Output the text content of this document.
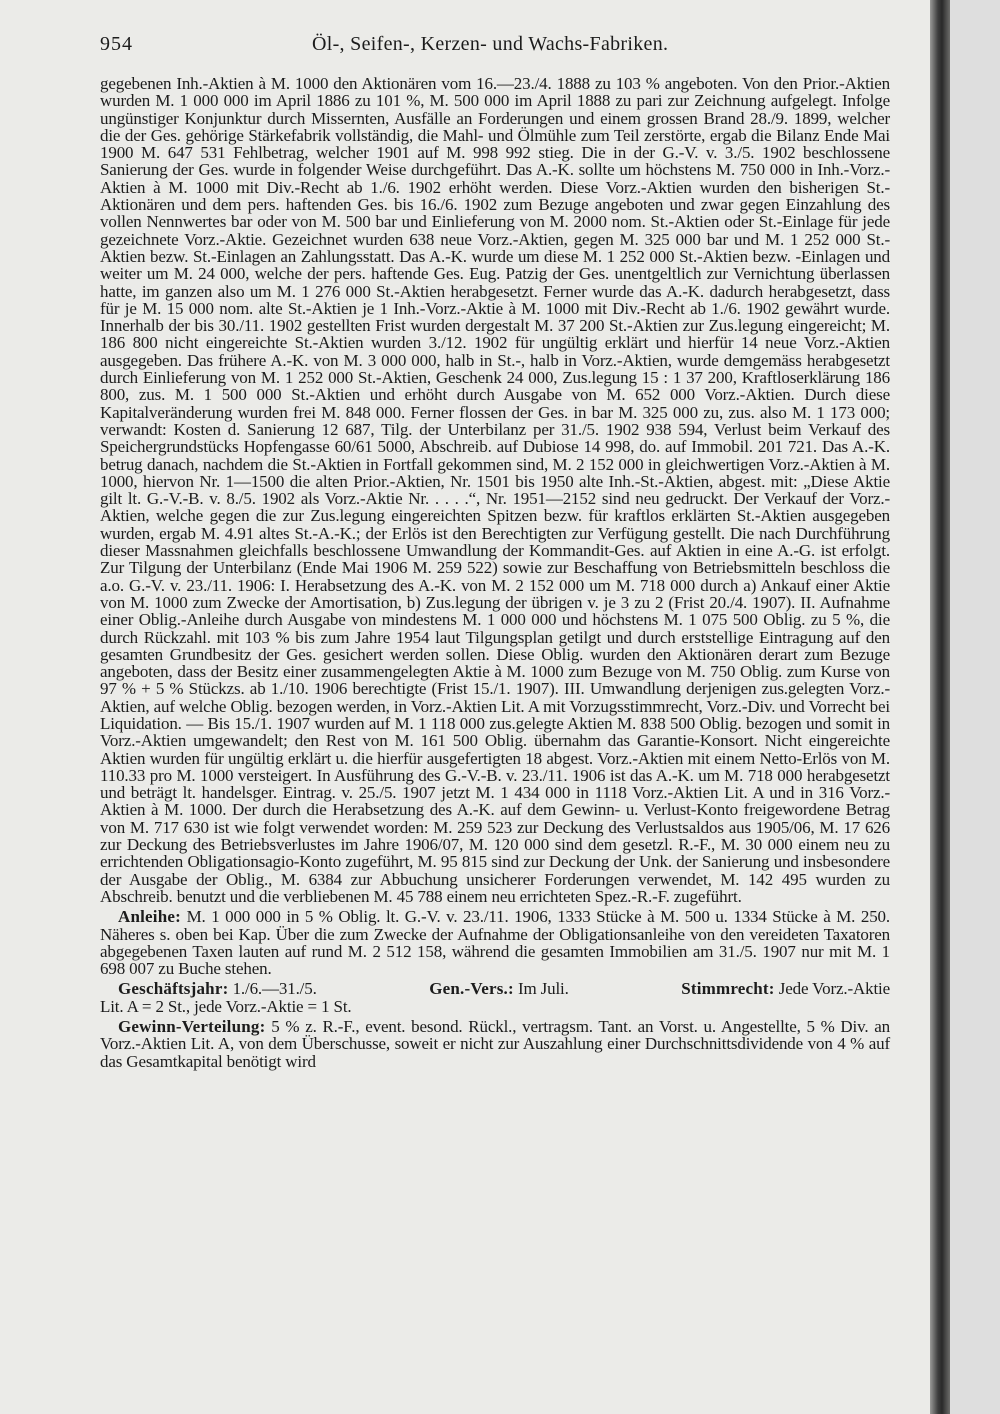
954	Öl-, Seifen-, Kerzen- und Wachs-Fabriken.

gegebenen Inh.-Aktien à M. 1000 den Aktionären vom 16.—23./4. 1888 zu 103 % angeboten. Von den Prior.-Aktien wurden M. 1 000 000 im April 1886 zu 101 %, M. 500 000 im April 1888 zu pari zur Zeichnung aufgelegt. Infolge ungünstiger Konjunktur durch Missernten, Ausfälle an Forderungen und einem grossen Brand 28./9. 1899, welcher die der Ges. gehörige Stärkefabrik vollständig, die Mahl- und Ölmühle zum Teil zerstörte, ergab die Bilanz Ende Mai 1900 M. 647 531 Fehlbetrag, welcher 1901 auf M. 998 992 stieg. Die in der G.-V. v. 3./5. 1902 beschlossene Sanierung der Ges. wurde in folgender Weise durchgeführt. Das A.-K. sollte um höchstens M. 750 000 in Inh.-Vorz.-Aktien à M. 1000 mit Div.-Recht ab 1./6. 1902 erhöht werden. Diese Vorz.-Aktien wurden den bisherigen St.-Aktionären und dem pers. haftenden Ges. bis 16./6. 1902 zum Bezuge angeboten und zwar gegen Einzahlung des vollen Nennwertes bar oder von M. 500 bar und Einlieferung von M. 2000 nom. St.-Aktien oder St.-Einlage für jede gezeichnete Vorz.-Aktie. Gezeichnet wurden 638 neue Vorz.-Aktien, gegen M. 325 000 bar und M. 1 252 000 St.-Aktien bezw. St.-Einlagen an Zahlungsstatt. Das A.-K. wurde um diese M. 1 252 000 St.-Aktien bezw. -Einlagen und weiter um M. 24 000, welche der pers. haftende Ges. Eug. Patzig der Ges. unentgeltlich zur Vernichtung überlassen hatte, im ganzen also um M. 1 276 000 St.-Aktien herabgesetzt. Ferner wurde das A.-K. dadurch herabgesetzt, dass für je M. 15 000 nom. alte St.-Aktien je 1 Inh.-Vorz.-Aktie à M. 1000 mit Div.-Recht ab 1./6. 1902 gewährt wurde. Innerhalb der bis 30./11. 1902 gestellten Frist wurden dergestalt M. 37 200 St.-Aktien zur Zus.legung eingereicht; M. 186 800 nicht eingereichte St.-Aktien wurden 3./12. 1902 für ungültig erklärt und hierfür 14 neue Vorz.-Aktien ausgegeben. Das frühere A.-K. von M. 3 000 000, halb in St.-, halb in Vorz.-Aktien, wurde demgemäss herabgesetzt durch Einlieferung von M. 1 252 000 St.-Aktien, Geschenk 24 000, Zus.legung 15 : 1 37 200, Kraftloserklärung 186 800, zus. M. 1 500 000 St.-Aktien und erhöht durch Ausgabe von M. 652 000 Vorz.-Aktien. Durch diese Kapitalveränderung wurden frei M. 848 000. Ferner flossen der Ges. in bar M. 325 000 zu, zus. also M. 1 173 000; verwandt: Kosten d. Sanierung 12 687, Tilg. der Unterbilanz per 31./5. 1902 938 594, Verlust beim Verkauf des Speichergrundstücks Hopfengasse 60/61 5000, Abschreib. auf Dubiose 14 998, do. auf Immobil. 201 721. Das A.-K. betrug danach, nachdem die St.-Aktien in Fortfall gekommen sind, M. 2 152 000 in gleichwertigen Vorz.-Aktien à M. 1000, hiervon Nr. 1—1500 die alten Prior.-Aktien, Nr. 1501 bis 1950 alte Inh.-St.-Aktien, abgest. mit: „Diese Aktie gilt lt. G.-V.-B. v. 8./5. 1902 als Vorz.-Aktie Nr. . . . .“, Nr. 1951—2152 sind neu gedruckt. Der Verkauf der Vorz.-Aktien, welche gegen die zur Zus.legung eingereichten Spitzen bezw. für kraftlos erklärten St.-Aktien ausgegeben wurden, ergab M. 4.91 altes St.-A.-K.; der Erlös ist den Berechtigten zur Verfügung gestellt. Die nach Durchführung dieser Massnahmen gleichfalls beschlossene Umwandlung der Kommandit-Ges. auf Aktien in eine A.-G. ist erfolgt. Zur Tilgung der Unterbilanz (Ende Mai 1906 M. 259 522) sowie zur Beschaffung von Betriebsmitteln beschloss die a.o. G.-V. v. 23./11. 1906: I. Herabsetzung des A.-K. von M. 2 152 000 um M. 718 000 durch a) Ankauf einer Aktie von M. 1000 zum Zwecke der Amortisation, b) Zus.legung der übrigen v. je 3 zu 2 (Frist 20./4. 1907). II. Aufnahme einer Oblig.-Anleihe durch Ausgabe von mindestens M. 1 000 000 und höchstens M. 1 075 500 Oblig. zu 5 %, die durch Rückzahl. mit 103 % bis zum Jahre 1954 laut Tilgungsplan getilgt und durch erststellige Eintragung auf den gesamten Grundbesitz der Ges. gesichert werden sollen. Diese Oblig. wurden den Aktionären derart zum Bezuge angeboten, dass der Besitz einer zusammengelegten Aktie à M. 1000 zum Bezuge von M. 750 Oblig. zum Kurse von 97 % + 5 % Stückzs. ab 1./10. 1906 berechtigte (Frist 15./1. 1907). III. Umwandlung derjenigen zus.gelegten Vorz.-Aktien, auf welche Oblig. bezogen werden, in Vorz.-Aktien Lit. A mit Vorzugsstimmrecht, Vorz.-Div. und Vorrecht bei Liquidation. — Bis 15./1. 1907 wurden auf M. 1 118 000 zus.gelegte Aktien M. 838 500 Oblig. bezogen und somit in Vorz.-Aktien umgewandelt; den Rest von M. 161 500 Oblig. übernahm das Garantie-Konsort. Nicht eingereichte Aktien wurden für ungültig erklärt u. die hierfür ausgefertigten 18 abgest. Vorz.-Aktien mit einem Netto-Erlös von M. 110.33 pro M. 1000 versteigert. In Ausführung des G.-V.-B. v. 23./11. 1906 ist das A.-K. um M. 718 000 herabgesetzt und beträgt lt. handelsger. Eintrag. v. 25./5. 1907 jetzt M. 1 434 000 in 1118 Vorz.-Aktien Lit. A und in 316 Vorz.-Aktien à M. 1000. Der durch die Herabsetzung des A.-K. auf dem Gewinn- u. Verlust-Konto freigewordene Betrag von M. 717 630 ist wie folgt verwendet worden: M. 259 523 zur Deckung des Verlustsaldos aus 1905/06, M. 17 626 zur Deckung des Betriebsverlustes im Jahre 1906/07, M. 120 000 sind dem gesetzl. R.-F., M. 30 000 einem neu zu errichtenden Obligationsagio-Konto zugeführt, M. 95 815 sind zur Deckung der Unk. der Sanierung und insbesondere der Ausgabe der Oblig., M. 6384 zur Abbuchung unsicherer Forderungen verwendet, M. 142 495 wurden zu Abschreib. benutzt und die verbliebenen M. 45 788 einem neu errichteten Spez.-R.-F. zugeführt.

Anleihe: M. 1 000 000 in 5 % Oblig. lt. G.-V. v. 23./11. 1906, 1333 Stücke à M. 500 u. 1334 Stücke à M. 250. Näheres s. oben bei Kap. Über die zum Zwecke der Aufnahme der Obligationsanleihe von den vereideten Taxatoren abgegebenen Taxen lauten auf rund M. 2 512 158, während die gesamten Immobilien am 31./5. 1907 nur mit M. 1 698 007 zu Buche stehen.

Geschäftsjahr: 1./6.—31./5.	Gen.-Vers.: Im Juli.	Stimmrecht: Jede Vorz.-Aktie

Lit. A = 2 St., jede Vorz.-Aktie = 1 St.

Gewinn-Verteilung: 5 % z. R.-F., event. besond. Rückl., vertragsm. Tant. an Vorst. u. Angestellte, 5 % Div. an Vorz.-Aktien Lit. A, von dem Überschusse, soweit er nicht zur Auszahlung einer Durchschnittsdividende von 4 % auf das Gesamtkapital benötigt wird
